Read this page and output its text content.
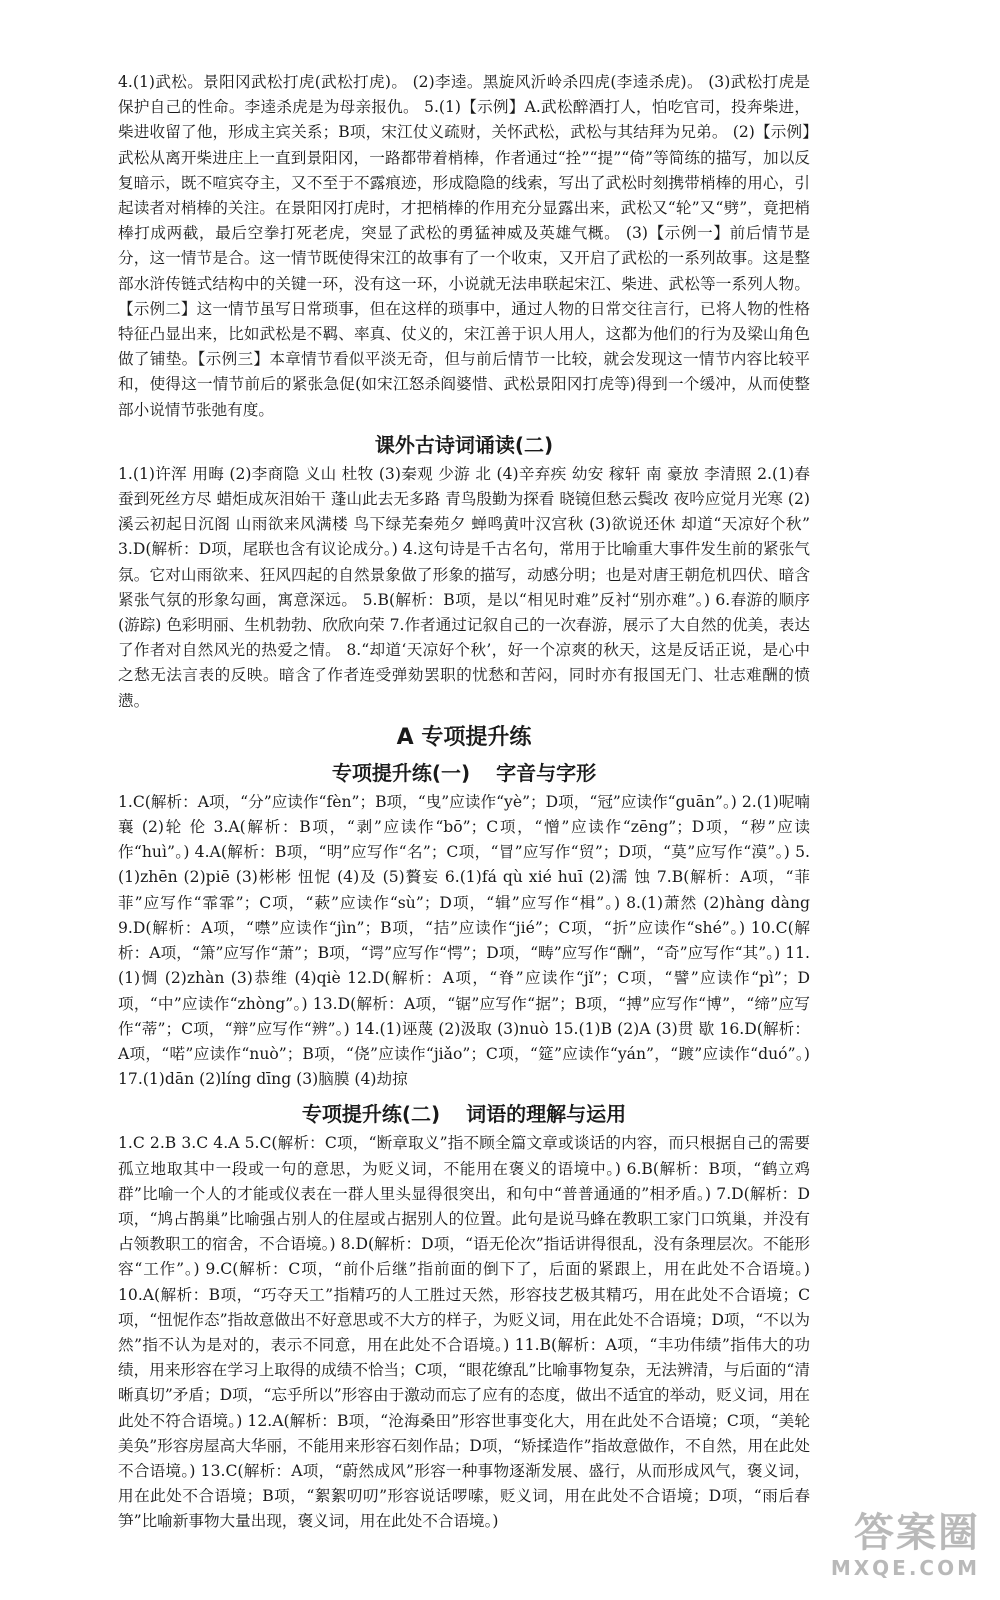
4.(1)武松。景阳冈武松打虎(武松打虎)。 (2)李逵。黑旋风沂岭杀四虎(李逵杀虎)。 (3)武松打虎是保护自己的性命。李逵杀虎是为母亲报仇。 5.(1)【示例】A.武松醉酒打人，怕吃官司，投奔柴进，柴进收留了他，形成主宾关系；B项，宋江仗义疏财，关怀武松，武松与其结拜为兄弟。 (2)【示例】武松从离开柴进庄上一直到景阳冈，一路都带着梢棒，作者通过“拴”“提”“倚”等简练的描写，加以反复暗示，既不喧宾夺主，又不至于不露痕迹，形成隐隐的线索，写出了武松时刻携带梢棒的用心，引起读者对梢棒的关注。在景阳冈打虎时，才把梢棒的作用充分显露出来，武松又“轮”又“劈”，竟把梢棒打成两截，最后空拳打死老虎，突显了武松的勇猛神威及英雄气概。 (3)【示例一】前后情节是分，这一情节是合。这一情节既使得宋江的故事有了一个收束，又开启了武松的一系列故事。这是整部水浒传链式结构中的关键一环，没有这一环，小说就无法串联起宋江、柴进、武松等一系列人物。【示例二】这一情节虽写日常琐事，但在这样的琐事中，通过人物的日常交往言行，已将人物的性格特征凸显出来，比如武松是不羁、率真、仗义的，宋江善于识人用人，这都为他们的行为及梁山角色做了铺垫。【示例三】本章情节看似平淡无奇，但与前后情节一比较，就会发现这一情节内容比较平和，使得这一情节前后的紧张急促(如宋江怒杀阎婆惜、武松景阳冈打虎等)得到一个缓冲，从而使整部小说情节张弛有度。

课外古诗词诵读(二)

1.(1)许浑 用晦 (2)李商隐 义山 杜牧 (3)秦观 少游 北 (4)辛弃疾 幼安 稼轩 南 豪放 李清照 2.(1)春蚕到死丝方尽 蜡炬成灰泪始干 蓬山此去无多路 青鸟殷勤为探看 晓镜但愁云鬓改 夜吟应觉月光寒 (2)溪云初起日沉阁 山雨欲来风满楼 鸟下绿芜秦苑夕 蝉鸣黄叶汉宫秋 (3)欲说还休 却道“天凉好个秋” 3.D(解析：D项，尾联也含有议论成分。) 4.这句诗是千古名句，常用于比喻重大事件发生前的紧张气氛。它对山雨欲来、狂风四起的自然景象做了形象的描写，动感分明；也是对唐王朝危机四伏、暗含紧张气氛的形象勾画，寓意深远。 5.B(解析：B项，是以“相见时难”反衬“别亦难”。) 6.春游的顺序(游踪) 色彩明丽、生机勃勃、欣欣向荣 7.作者通过记叙自己的一次春游，展示了大自然的优美，表达了作者对自然风光的热爱之情。 8.“却道‘天凉好个秋’，好一个凉爽的秋天，这是反话正说，是心中之愁无法言表的反映。暗含了作者连受弹劾罢职的忧愁和苦闷，同时亦有报国无门、壮志难酬的愤懑。

A 专项提升练
专项提升练(一) 字音与字形

1.C(解析：A项，“分”应读作“fèn”；B项，“曳”应读作“yè”；D项，“冠”应读作“guān”。) 2.(1)呢喃 襄 (2)轮 伦 3.A(解析：B项，“剥”应读作“bō”；C项，“憎”应读作“zēng”；D项，“秽”应读作“huì”。) 4.A(解析：B项，“明”应写作“名”；C项，“冒”应写作“贸”；D项，“莫”应写作“漠”。) 5.(1)zhēn (2)piē (3)彬彬 忸怩 (4)及 (5)贅妄 6.(1)fá qù xié huī (2)濡 蚀 7.B(解析：A项，“菲菲”应写作“霏霏”；C项，“蔌”应读作“sù”；D项，“辑”应写作“楫”。) 8.(1)萧然 (2)hàng dàng 9.D(解析：A项，“噤”应读作“jìn”；B项，“拮”应读作“jié”；C项，“折”应读作“shé”。) 10.C(解析：A项，“箫”应写作“萧”；B项，“谔”应写作“愕”；D项，“畴”应写作“酬”，“奇”应写作“其”。) 11.(1)惆 (2)zhàn (3)恭维 (4)qiè 12.D(解析：A项，“脊”应读作“jǐ”；C项，“譬”应读作“pì”；D项，“中”应读作“zhòng”。) 13.D(解析：A项，“锯”应写作“据”；B项，“搏”应写作“博”，“缔”应写作“蒂”；C项，“辩”应写作“辨”。) 14.(1)诬蔑 (2)汲取 (3)nuò 15.(1)B (2)A (3)贯 歇 16.D(解析：A项，“喏”应读作“nuò”；B项，“侥”应读作“jiǎo”；C项，“筵”应读作“yán”，“踱”应读作“duó”。) 17.(1)dān (2)líng dīng (3)脑膜 (4)劫掠

专项提升练(二) 词语的理解与运用

1.C 2.B 3.C 4.A 5.C(解析：C项，“断章取义”指不顾全篇文章或谈话的内容，而只根据自己的需要孤立地取其中一段或一句的意思，为贬义词，不能用在褒义的语境中。) 6.B(解析：B项，“鹤立鸡群”比喻一个人的才能或仪表在一群人里头显得很突出，和句中“普普通通的”相矛盾。) 7.D(解析：D项，“鸠占鹊巢”比喻强占别人的住屋或占据别人的位置。此句是说马蜂在教职工家门口筑巢，并没有占领教职工的宿舍，不合语境。) 8.D(解析：D项，“语无伦次”指话讲得很乱，没有条理层次。不能形容“工作”。) 9.C(解析：C项，“前仆后继”指前面的倒下了，后面的紧跟上，用在此处不合语境。) 10.A(解析：B项，“巧夺天工”指精巧的人工胜过天然，形容技艺极其精巧，用在此处不合语境；C项，“忸怩作态”指故意做出不好意思或不大方的样子，为贬义词，用在此处不合语境；D项，“不以为然”指不认为是对的，表示不同意，用在此处不合语境。) 11.B(解析：A项，“丰功伟绩”指伟大的功绩，用来形容在学习上取得的成绩不恰当；C项，“眼花缭乱”比喻事物复杂，无法辨清，与后面的“清晰真切”矛盾；D项，“忘乎所以”形容由于激动而忘了应有的态度，做出不适宜的举动，贬义词，用在此处不符合语境。) 12.A(解析：B项，“沧海桑田”形容世事变化大，用在此处不合语境；C项，“美轮美奂”形容房屋高大华丽，不能用来形容石刻作品；D项，“矫揉造作”指故意做作，不自然，用在此处不合语境。) 13.C(解析：A项，“蔚然成风”形容一种事物逐渐发展、盛行，从而形成风气，褒义词，用在此处不合语境；B项，“絮絮叨叨”形容说话啰嗦，贬义词，用在此处不合语境；D项，“雨后春笋”比喻新事物大量出现，褒义词，用在此处不合语境。)	答案圈
MXQE.COM
